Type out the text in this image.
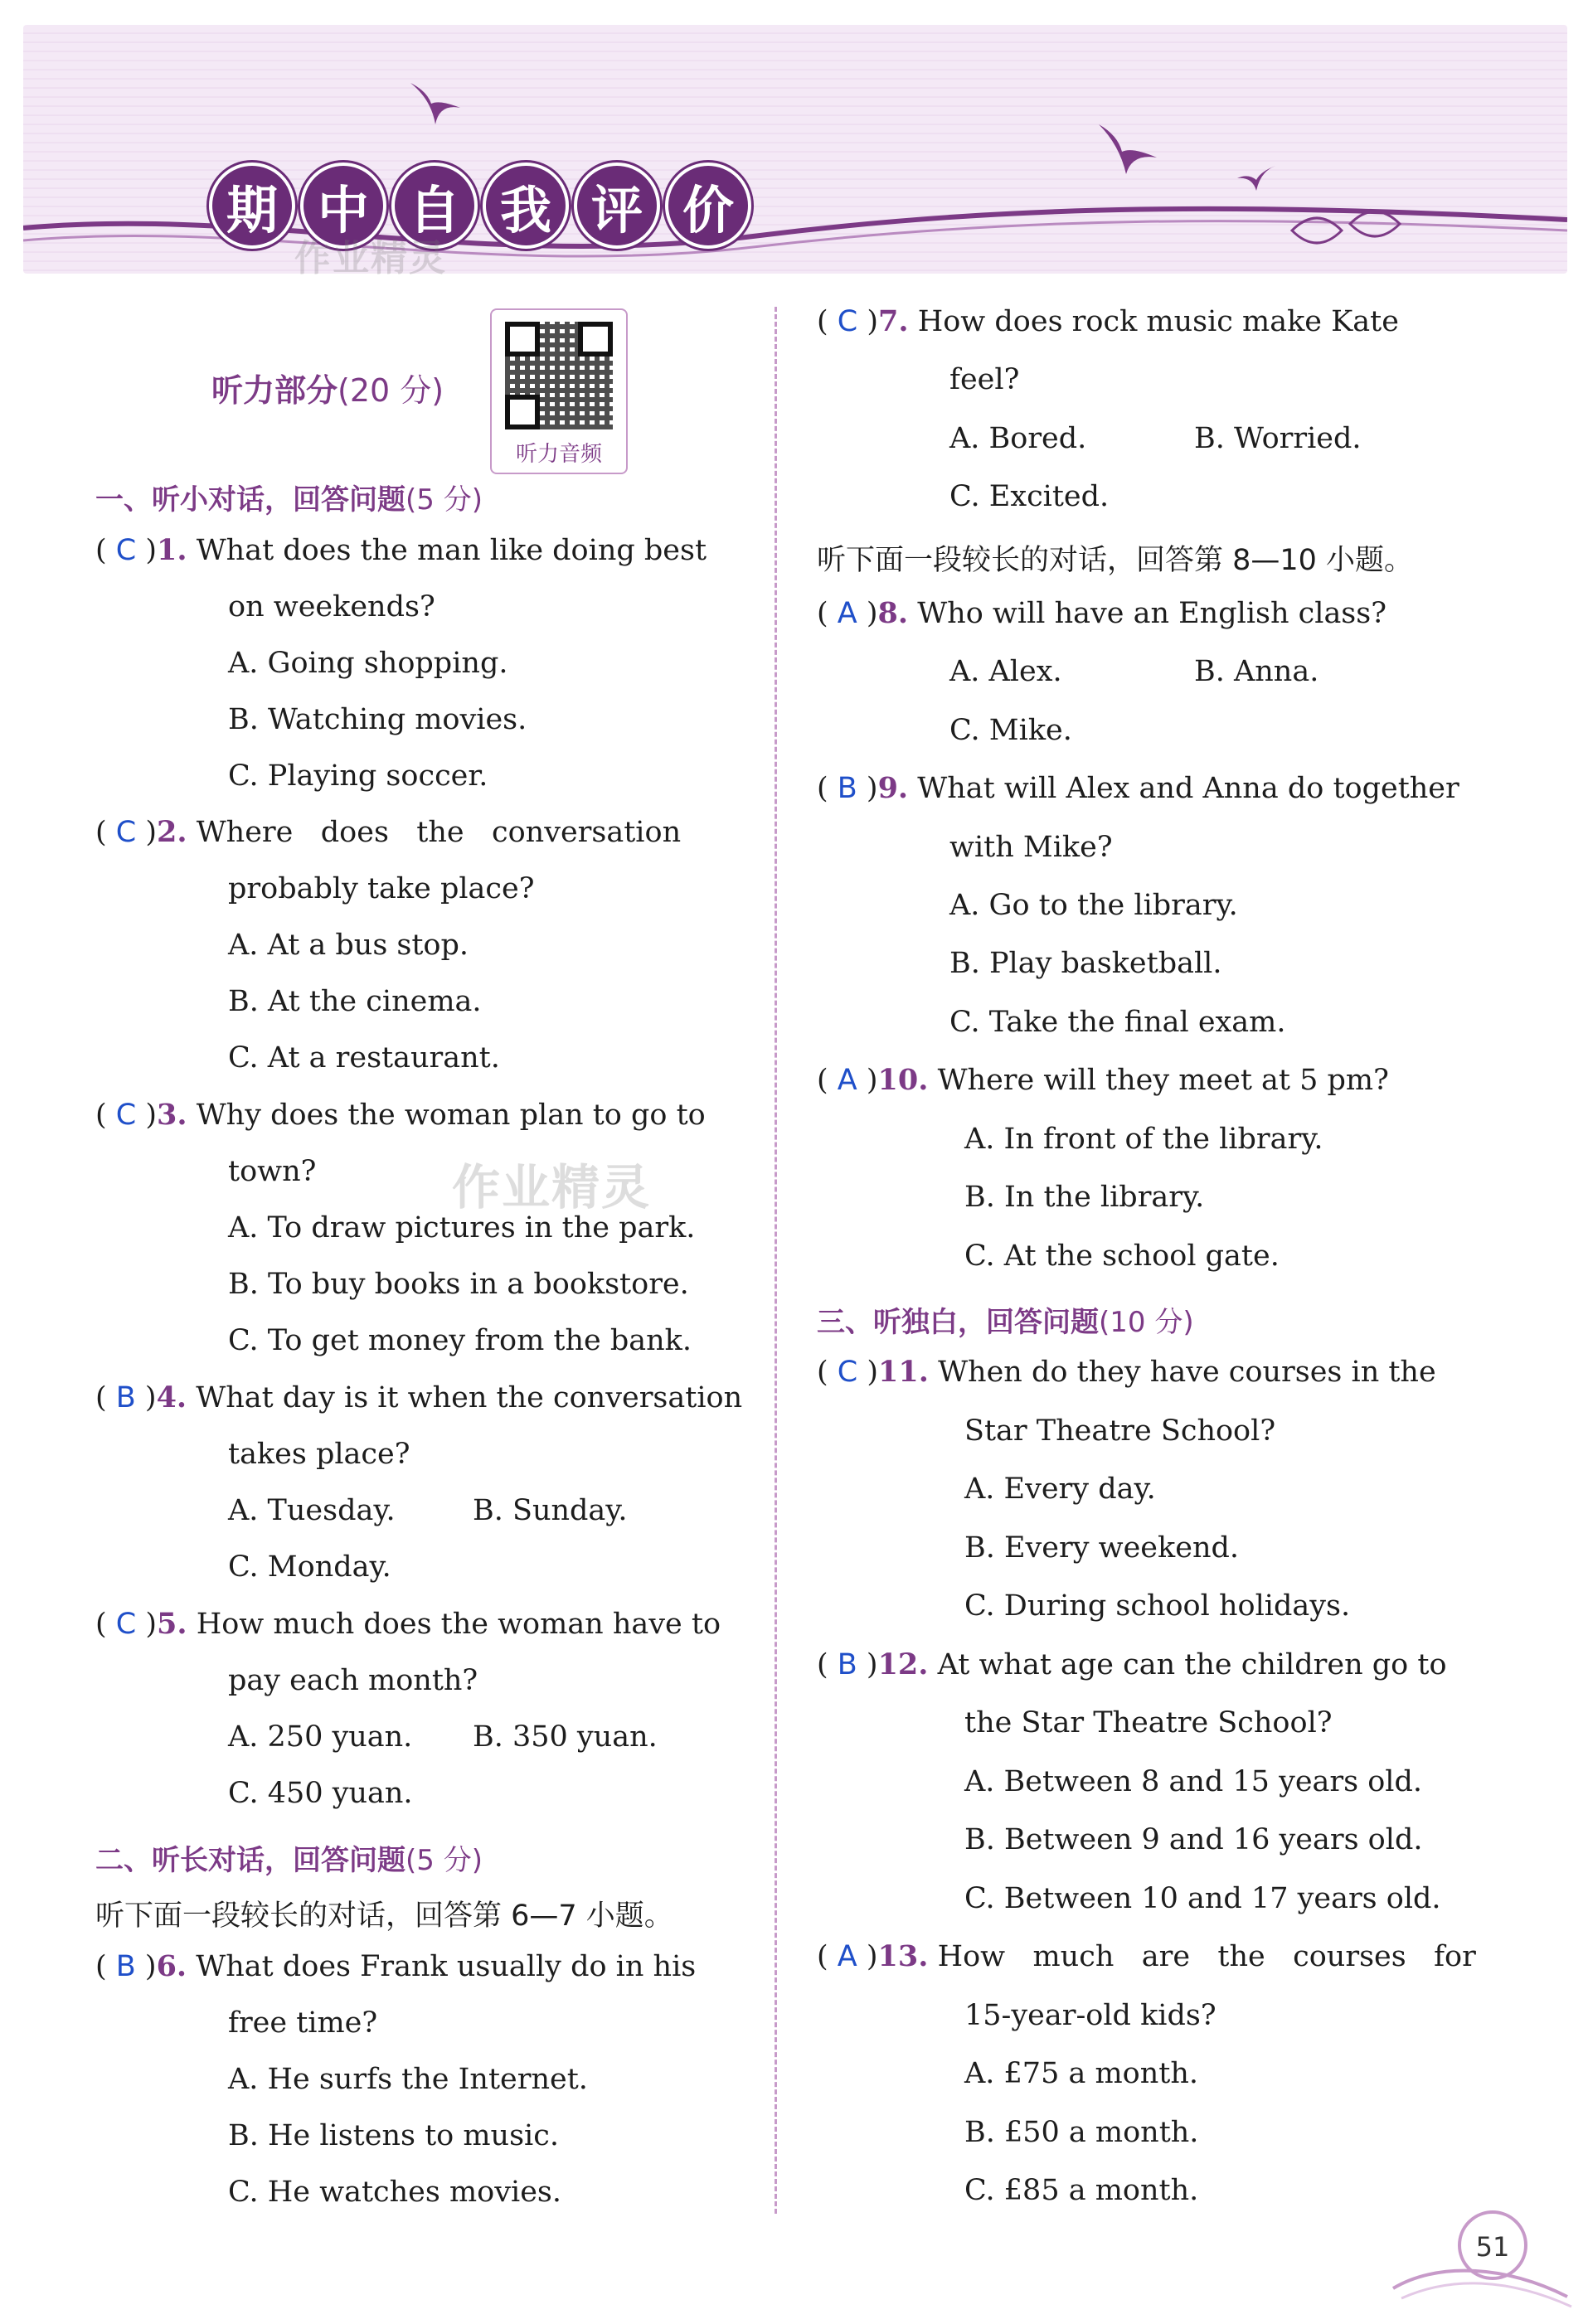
期 中 自 我 评 价
作业精灵
作业精灵
听力部分(20 分)
听力音频
一、听小对话，回答问题(5 分)
( C )1. What does the man like doing best
on weekends?
A. Going shopping.
B. Watching movies.
C. Playing soccer.
( C )2. Where   does   the   conversation
probably take place?
A. At a bus stop.
B. At the cinema.
C. At a restaurant.
( C )3. Why does the woman plan to go to
town?
A. To draw pictures in the park.
B. To buy books in a bookstore.
C. To get money from the bank.
( B )4. What day is it when the conversation
takes place?
A. Tuesday.	B. Sunday.
C. Monday.
( C )5. How much does the woman have to
pay each month?
A. 250 yuan. B. 350 yuan.
C. 450 yuan.
二、听长对话，回答问题(5 分)
听下面一段较长的对话，回答第 6—7 小题。
( B )6. What does Frank usually do in his
free time?
A. He surfs the Internet.
B. He listens to music.
C. He watches movies.
( C )7. How does rock music make Kate
feel?
A. Bored.	B. Worried.
C. Excited.
听下面一段较长的对话，回答第 8—10 小题。
( A )8. Who will have an English class?
A. Alex.	B. Anna.
C. Mike.
( B )9. What will Alex and Anna do together
with Mike?
A. Go to the library.
B. Play basketball.
C. Take the final exam.
( A )10. Where will they meet at 5 pm?
A. In front of the library.
B. In the library.
C. At the school gate.
三、听独白，回答问题(10 分)
( C )11. When do they have courses in the
Star Theatre School?
A. Every day.
B. Every weekend.
C. During school holidays.
( B )12. At what age can the children go to
the Star Theatre School?
A. Between 8 and 15 years old.
B. Between 9 and 16 years old.
C. Between 10 and 17 years old.
( A )13. How   much   are   the   courses   for
15-year-old kids?
A. £75 a month.
B. £50 a month.
C. £85 a month.
51
